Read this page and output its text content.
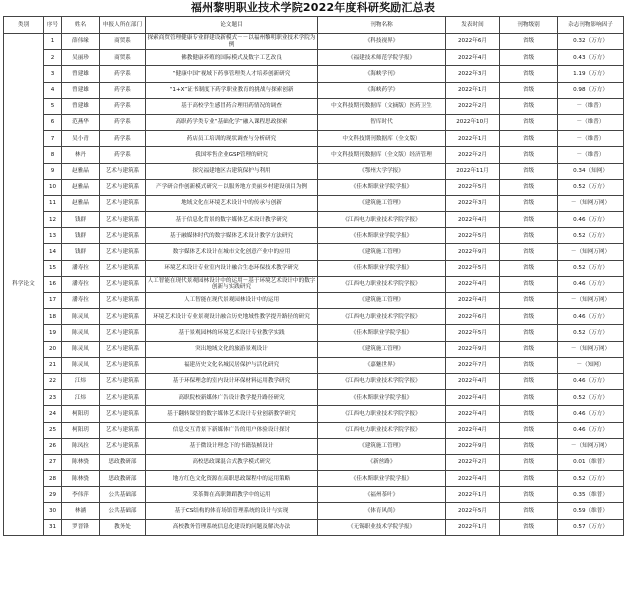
福州黎明职业技术学院2022年度科研奖励汇总表
类别	序号	姓名	申报人所在部门	论文题目	刊物名称	发表时间	刊物级别	杂志刊物影响因子
科学论文	1	薛伟缘	商贸系	探索商贸管理健康专业群建设新模式－－以福州黎明职业技术学院为例	《科技视界》	2022年6月	省级	0.32（万方）
	2	吴丽珍	商贸系	佛教健康养殖的国际模式及数字工艺改良	《福建技术师范学院学报》	2022年4月	省级	0.43（万方）
	3	曾建雄	药学系	“健康中国”视域下药事管理类人才培养创新研究	《海峡学刊》	2022年3月	省级	1.19（万方）
	4	曾建雄	药学系	“1+X”证书制度下药学职业教育的挑战与探索创新	《海峡药学》	2022年1月	省级	0.98（万方）
	5	曾建雄	药学系	基于高校学生感冒药合理用药情况的调查	中文科技期刊数据库（文摘版）医药卫生	2022年2月	省级	－（维普）
	6	范燕华	药学系	高职药学类专业“基础化学”融入课程思政探索	智库时代	2022年10月	省级	－（维普）
	7	吴小青	药学系	药店员工培训的现状调查与分析研究	中文科技期刊数据库（全文版）	2022年1月	省级	－（维普）
	8	林丹	药学系	我国零售企业GSP管理的研究	中文科技期刊数据库（全文版）经济管理	2022年2月	省级	－（维普）
	9	赵雅晶	艺术与建筑系	探究福建地区古建筑保护与利用	《鄂州大学学报》	2022年11月	省级	0.34（知网）
	10	赵雅晶	艺术与建筑系	产学研合作创新模式研究－以服务地方美丽乡村建设项目为例	《佳木斯职业学院学报》	2022年5月	省级	0.52（万方）
	11	赵雅晶	艺术与建筑系	地域文化在环境艺术设计中的传承与创新	《建筑施工管理》	2022年3月	省级	－（知网万网）
	12	钱群	艺术与建筑系	基于信息化背景的数字媒体艺术设计教学研究	《江西电力职业技术学院学报》	2022年4月	省级	0.46（万方）
	13	钱群	艺术与建筑系	基于融媒体时代的数字媒体艺术设计教学方法研究	《佳木斯职业学院学报》	2022年5月	省级	0.52（万方）
	14	钱群	艺术与建筑系	数字媒体艺术设计在城市文化创意产业中的应用	《建筑施工管理》	2022年9月	省级	－（知网万网）
	15	潘寿拉	艺术与建筑系	环境艺术设计专业室内设计融合生态环保技术教学研究	《佳木斯职业学院学报》	2022年5月	省级	0.52（万方）
	16	潘寿拉	艺术与建筑系	人工智能在现代景观园林设计中的运用－基于环境艺术设计中的数字创新与实践研究	《江西电力职业技术学院学报》	2022年4月	省级	0.46（万方）
	17	潘寿拉	艺术与建筑系	人工智能在现代景观园林设计中的运用	《建筑施工管理》	2022年4月	省级	－（知网万网）
	18	陈灵凤	艺术与建筑系	环境艺术设计专业景观设计融合历史地域性教学提升路径的研究	《江西电力职业技术学院学报》	2022年6月	省级	0.46（万方）
	19	陈灵凤	艺术与建筑系	基于景观园林的环境艺术设计专业教学实践	《佳木斯职业学院学报》	2022年5月	省级	0.52（万方）
	20	陈灵凤	艺术与建筑系	突出地域文化的旅游景观设计	《建筑施工管理》	2022年9月	省级	－（知网万网）
	21	陈灵凤	艺术与建筑系	福建历史文化名城民居保护与活化研究	《嘉魅世界》	2022年7月	省级	－（知网）
	22	江炜	艺术与建筑系	基于环保理念的室内设计环保材料运用教学研究	《江西电力职业技术学院学报》	2022年4月	省级	0.46（万方）
	23	江炜	艺术与建筑系	高职院校新媒体广告设计教学提升路径研究	《佳木斯职业学院学报》	2022年4月	省级	0.52（万方）
	24	柯阳玥	艺术与建筑系	基于翻转课堂的数字媒体艺术设计专业创新教学研究	《江西电力职业技术学院学报》	2022年4月	省级	0.46（万方）
	25	柯阳玥	艺术与建筑系	信息交互背景下新媒体广告的用户体验设计探讨	《江西电力职业技术学院学报》	2022年4月	省级	0.46（万方）
	26	陈凤拉	艺术与建筑系	基于微设计理念下的书籍装帧设计	《建筑施工管理》	2022年9月	省级	－（知网万网）
	27	陈林骁	思政教研部	高校思政课混合式教学模式研究	《新丝路》	2022年2月	省级	0.01（维普）
	28	陈林骁	思政教研部	地方红色文化资源在高职思政课程中的运用策略	《佳木斯职业学院学报》	2022年4月	省级	0.52（万方）
	29	李伟萍	公共基础部	采茶舞在高职舞蹈教学中的运用	《福州茶叶》	2022年1月	省级	0.35（维普）
	30	林涵	公共基础部	基于CS结构的体育场馆管理系统的设计与实现	《体育风尚》	2022年5月	省级	0.59（维普）
	31	罗晋锋	教务处	高校教务管理系统信息化建设的问题及解决办法	《无锡职业技术学院学报》	2022年1月	省级	0.57（万方）
